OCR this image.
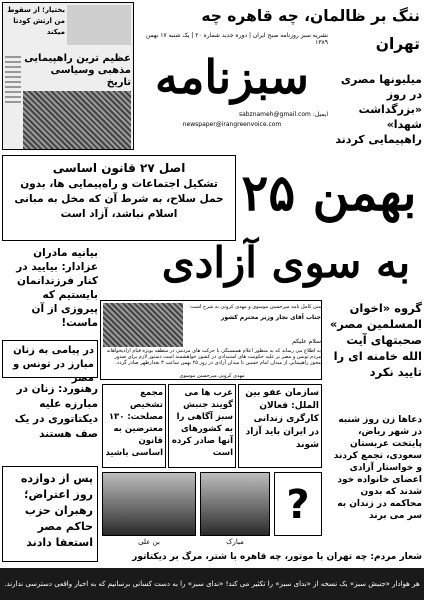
ننگ بر ظالمان، چه قاهره چه تهران
میلیونها مصری در روز «بزرگداشت شهدا» راهپیمایی کردند
نشریه سبز روزنامه صبح ایران | دوره جدید شماره ۲۰ | یک شنبه ۱۷ بهمن ۱۳۸۹
سبزنامه
ایمیل: sabznameh@gmail.com
newspaper@irangreenvoice.com
بختیار؛ از سقوط من ارتش کودتا میکند
عظیم ترین راهپیمایی مذهبی وسیاسی تاریخ
اصل ۲۷ قانون اساسی
تشکیل اجتماعات و راه‌پیمایی ها، بدون حمل سلاح، به شرط آن که مخل به مبانی اسلام نباشد، آزاد است	۲۵ بهمن
به سوی آزادی
بیانیه مادران عزادار: بیایید در کنار فرزندانمان بایستیم که پیروزی از آن ماست!
متن کامل نامه میرحسین موسوی و مهدی کروبی به شرح است:
جناب آقای نجار وزیر محترم کشور
سلام علیکم
به اطلاع می رساند که به منظور اعلام همبستگی با حرکت های مردمی در منطقه بویژه قیام آزادیخواهانه مردم تونس و مصر بر علیه حکومت های استبدادی در کشور خواهشمند است دستور لازم برای صدور مجوز راهپیمایی از میدان امام حسین تا میدان آزادی در روز ۲۵ بهمن ساعت ۳ بعدازظهر صادر گردد.
مهدی کروبی میرحسین موسوی
گروه «اخوان المسلمین مصر» صحبتهای آیت الله خامنه ای را تایید نکرد
در پیامی به زنان مبارز در تونس و مصر
رهنورد: زنان در مبارزه علیه دیکتاتوری در یک صف هستند
مجمع تشخیص مصلحت: ۱۳۰
معترضین به قانون اساسی باشید
عرب ها می گویند جنبش سبز آگاهی را به کشورهای آنها صادر کرده است
سازمان عفو بین الملل: فعالان کارگری زندانی در ایران باید آزاد شوند
دعاها زن روز شنبه در شهر ریاض، پایتخت عربستان سعودی، تجمع کردند و خواستار آزادی اعضای خانواده خود شدند که بدون محاکمه در زندان به سر می برند
پس از دوازده روز اعتراض؛ رهبران حزب حاکم مصر استعفا دادند	بن علی	مبارک
?
شعار مردم: چه تهران با موتور، چه قاهره با شتر، مرگ بر دیکتاتور
هر هوادار «جنبش سبز» یک نسخه از «ندای سبز» را تکثیر می کند! «ندای سبز» را به دست کسانی برسانیم که به اخبار واقعی دسترسی ندارند.
